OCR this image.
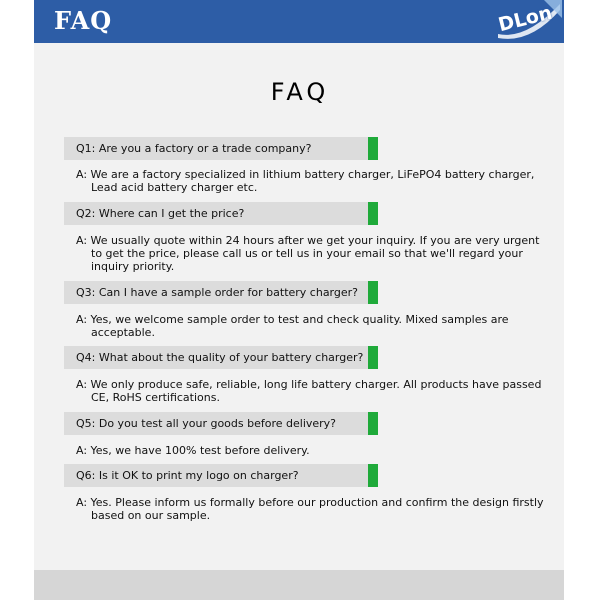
FAQ	DLon
FAQ
Q1: Are you a factory or a trade company?
A: We are a factory specialized in lithium battery charger, LiFePO4 battery charger,
Lead acid battery charger etc.
Q2: Where can I get the price?
A: We usually quote within 24 hours after we get your inquiry. If you are very urgent
to get the price, please call us or tell us in your email so that we'll regard your
inquiry priority.
Q3: Can I have a sample order for battery charger?
A: Yes, we welcome sample order to test and check quality. Mixed samples are
acceptable.
Q4: What about the quality of your battery charger?
A: We only produce safe, reliable, long life battery charger. All products have passed
CE, RoHS certifications.
Q5: Do you test all your goods before delivery?
A: Yes, we have 100% test before delivery.
Q6: Is it OK to print my logo on charger?
A: Yes. Please inform us formally before our production and confirm the design firstly
based on our sample.
